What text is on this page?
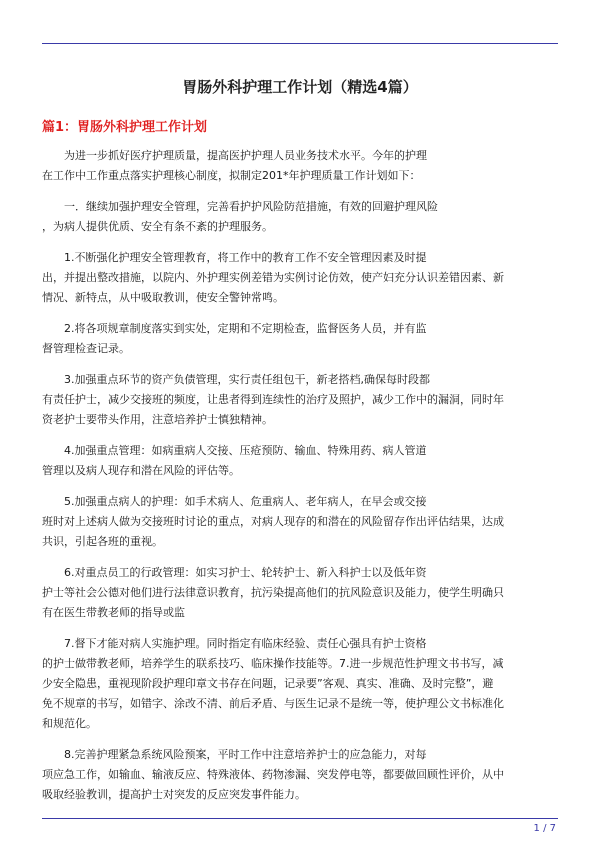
胃肠外科护理工作计划（精选4篇）
篇1：胃肠外科护理工作计划

为进一步抓好医疗护理质量，提高医护护理人员业务技术水平。今年的护理
在工作中工作重点落实护理核心制度，拟制定201*年护理质量工作计划如下：

一．继续加强护理安全管理，完善看护护风险防范措施，有效的回避护理风险
，为病人提供优质、安全有条不紊的护理服务。

1.不断强化护理安全管理教育，将工作中的教育工作不安全管理因素及时提
出，并提出整改措施，以院内、外护理实例差错为实例讨论仿效，使产妇充分认识差错因素、新
情况、新特点，从中吸取教训，使安全警钟常鸣。

2.将各项规章制度落实到实处，定期和不定期检查，监督医务人员，并有监
督管理检查记录。

3.加强重点环节的资产负债管理，实行责任组包干，新老搭档,确保每时段都
有责任护士，减少交接班的频度，让患者得到连续性的治疗及照护，减少工作中的漏洞，同时年
资老护士要带头作用，注意培养护士慎独精神。

4.加强重点管理：如病重病人交接、压疮预防、输血、特殊用药、病人管道
管理以及病人现存和潜在风险的评估等。

5.加强重点病人的护理：如手术病人、危重病人、老年病人，在早会或交接
班时对上述病人做为交接班时讨论的重点，对病人现存的和潜在的风险留存作出评估结果，达成
共识，引起各班的重视。

6.对重点员工的行政管理：如实习护士、轮转护士、新入科护士以及低年资
护士等社会公德对他们进行法律意识教育，抗污染提高他们的抗风险意识及能力，使学生明确只
有在医生带教老师的指导或监

7.督下才能对病人实施护理。同时指定有临床经验、责任心强具有护士资格
的护士做带教老师，培养学生的联系技巧、临床操作技能等。7.进一步规范性护理文书书写，减
少安全隐患，重视现阶段护理印章文书存在问题，记录要”客观、真实、准确、及时完整”，避
免不规章的书写，如错字、涂改不清、前后矛盾、与医生记录不是统一等，使护理公文书标准化
和规范化。

8.完善护理紧急系统风险预案，平时工作中注意培养护士的应急能力，对每
项应急工作，如输血、输液反应、特殊液体、药物渗漏、突发停电等，都要做回顾性评价，从中
吸取经验教训，提高护士对突发的反应突发事件能力。

1 / 7
